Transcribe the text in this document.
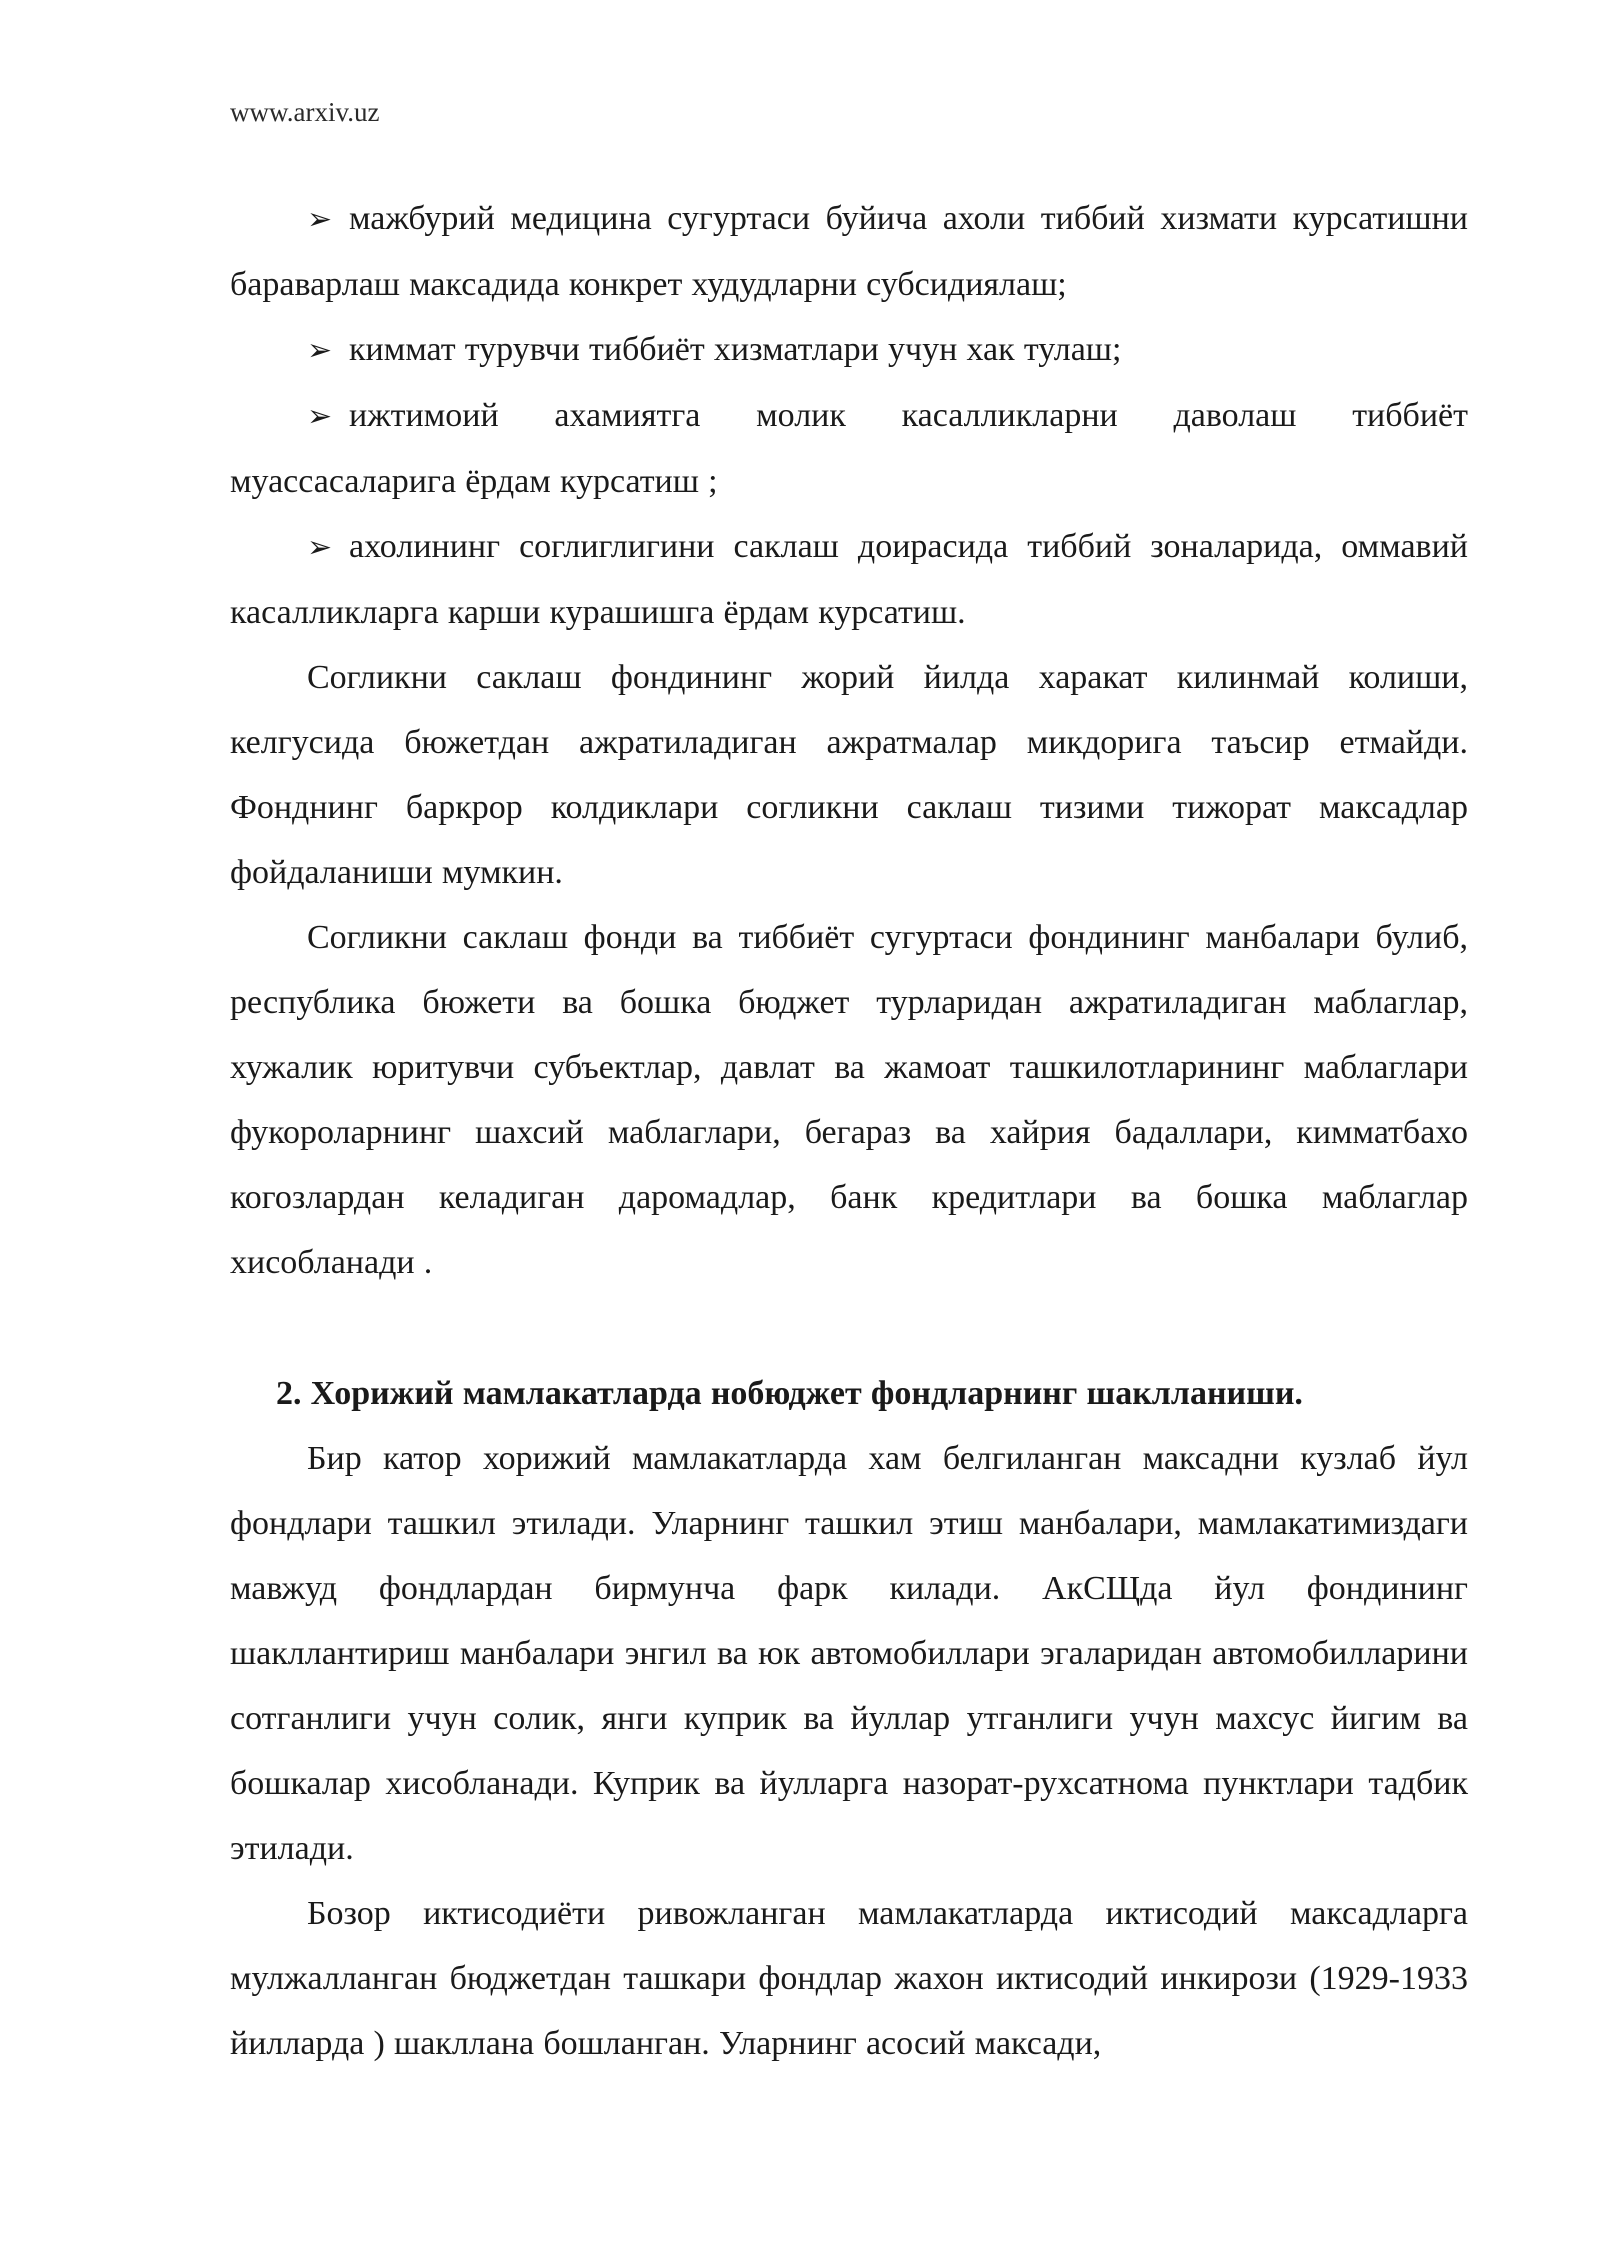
www.arxiv.uz

➢ мажбурий медицина сугуртаси буйича ахоли тиббий хизмати курсатишни бараварлаш максадида конкрет худудларни субсидиялаш;

➢ киммат турувчи тиббиёт хизматлари учун хак тулаш;

➢ ижтимоий ахамиятга молик касалликларни даволаш тиббиёт муассасаларига ёрдам курсатиш ;

➢ ахолининг соглиглигини саклаш доирасида тиббий зоналарида, оммавий касалликларга карши курашишга ёрдам курсатиш.

Согликни саклаш фондининг жорий йилда харакат килинмай колиши, келгусида бюжетдан ажратиладиган ажратмалар микдорига таъсир етмайди. Фонднинг баркрор колдиклари согликни саклаш тизими тижорат максадлар фойдаланиши мумкин.

Согликни саклаш фонди ва тиббиёт сугуртаси фондининг манбалари булиб, республика бюжети ва бошка бюджет турларидан ажратиладиган маблаглар, хужалик юритувчи субъектлар, давлат ва жамоат ташкилотларининг маблаглари фукороларнинг шахсий маблаглари, бегараз ва хайрия бадаллари, кимматбахо когозлардан келадиган даромадлар, банк кредитлари ва бошка маблаглар хисобланади .

2. Хорижий мамлакатларда нобюджет фондларнинг шаклланиши.

Бир катор хорижий мамлакатларда хам белгиланган максадни кузлаб йул фондлари ташкил этилади. Уларнинг ташкил этиш манбалари, мамлакатимиздаги мавжуд фондлардан бирмунча фарк килади. АкСЩда йул фондининг шакллантириш манбалари энгил ва юк автомобиллари эгаларидан автомобилларини сотганлиги учун солик, янги куприк ва йуллар утганлиги учун махсус йигим ва бошкалар хисобланади. Куприк ва йулларга назорат-рухсатнома пунктлари тадбик этилади.

Бозор иктисодиёти ривожланган мамлакатларда иктисодий максадларга мулжалланган бюджетдан ташкари фондлар жахон иктисодий инкирози (1929-1933 йилларда ) шакллана бошланган. Уларнинг асосий максади,
